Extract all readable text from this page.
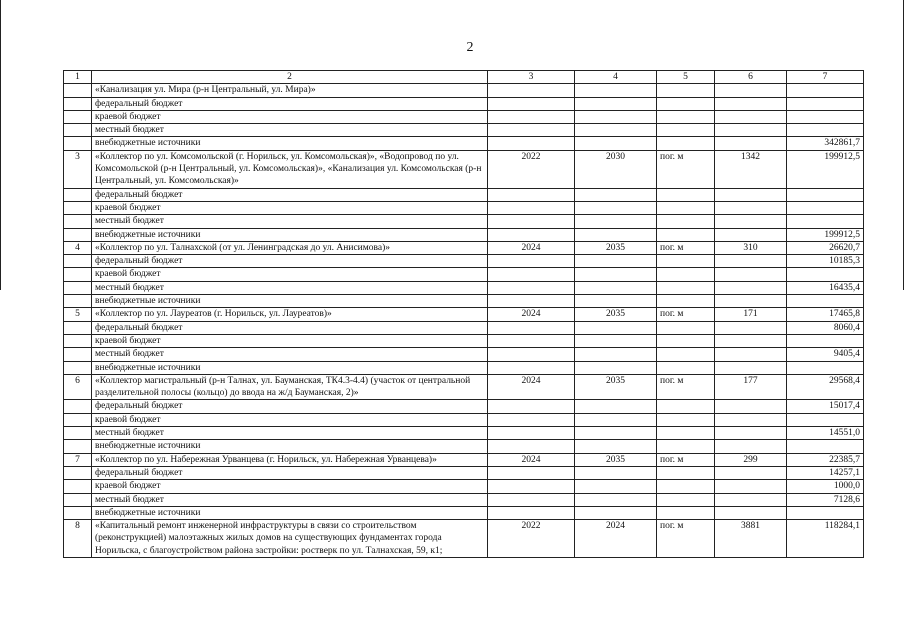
2
1	2	3	4	5	6	7
	«Канализация ул. Мира (р-н Центральный, ул. Мира)»					
	федеральный бюджет					
	краевой бюджет					
	местный бюджет					
	внебюджетные источники					342861,7
3	«Коллектор по ул. Комсомольской (г. Норильск, ул. Комсомольская)», «Водопровод по ул. Комсомольской (р-н Центральный, ул. Комсомольская)», «Канализация ул. Комсомольская (р-н Центральный, ул. Комсомольская)»	2022	2030	пог. м	1342	199912,5
	федеральный бюджет					
	краевой бюджет					
	местный бюджет					
	внебюджетные источники					199912,5
4	«Коллектор по ул. Талнахской (от ул. Ленинградская до ул. Анисимова)»	2024	2035	пог. м	310	26620,7
	федеральный бюджет					10185,3
	краевой бюджет					
	местный бюджет					16435,4
	внебюджетные источники					
5	«Коллектор по ул. Лауреатов (г. Норильск, ул. Лауреатов)»	2024	2035	пог. м	171	17465,8
	федеральный бюджет					8060,4
	краевой бюджет					
	местный бюджет					9405,4
	внебюджетные источники					
6	«Коллектор магистральный (р-н Талнах, ул. Бауманская, ТК4.3-4.4) (участок от центральной разделительной полосы (кольцо) до ввода на ж/д Бауманская, 2)»	2024	2035	пог. м	177	29568,4
	федеральный бюджет					15017,4
	краевой бюджет					
	местный бюджет					14551,0
	внебюджетные источники					
7	«Коллектор по ул. Набережная Урванцева (г. Норильск, ул. Набережная Урванцева)»	2024	2035	пог. м	299	22385,7
	федеральный бюджет					14257,1
	краевой бюджет					1000,0
	местный бюджет					7128,6
	внебюджетные источники					
8	«Капитальный ремонт инженерной инфраструктуры в связи со строительством (реконструкцией) малоэтажных жилых домов на существующих фундаментах города Норильска, с благоустройством района застройки: ростверк по ул. Талнахская, 59, к1;	2022	2024	пог. м	3881	118284,1
